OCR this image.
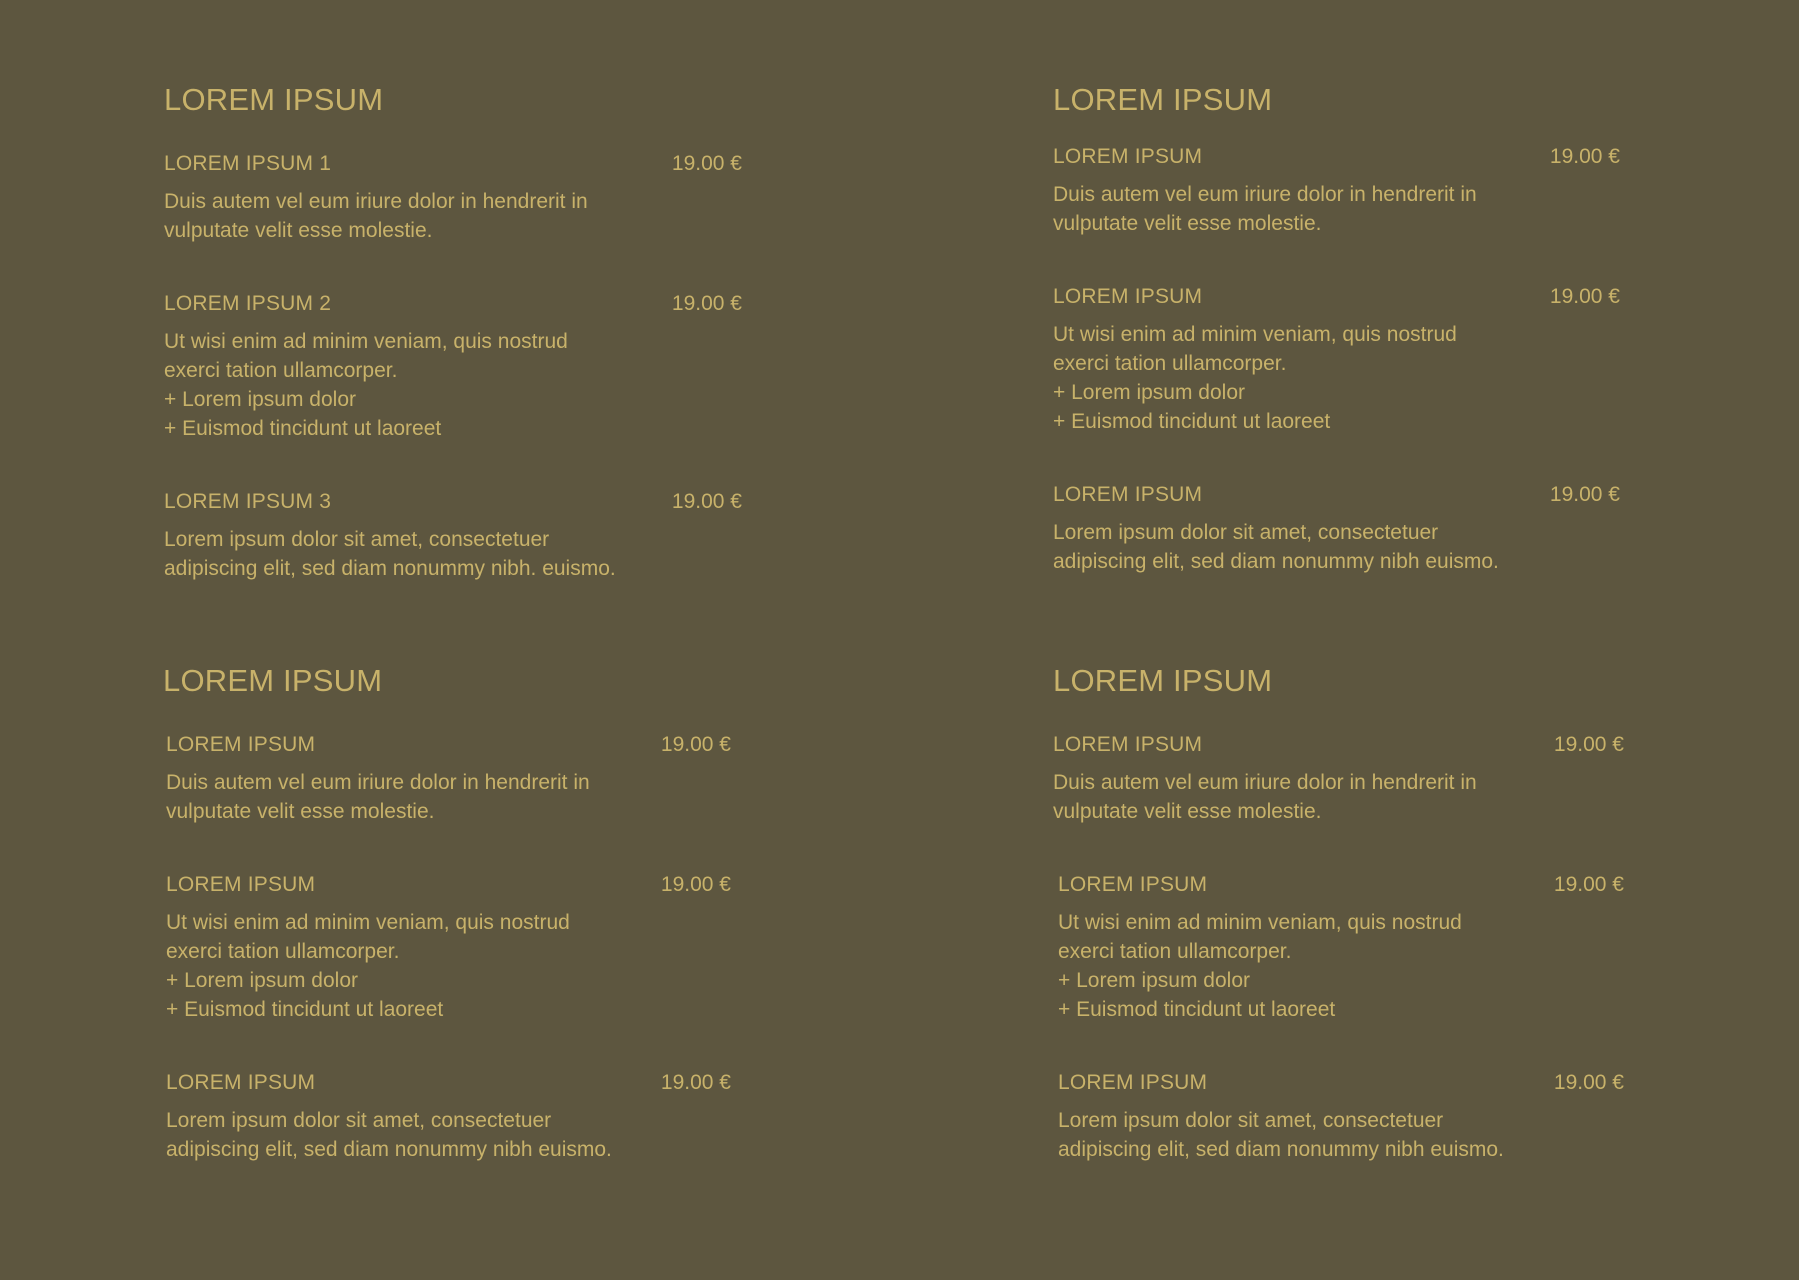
LOREM IPSUM
LOREM IPSUM 1	19.00 €
Duis autem vel eum iriure dolor in hendrerit in
vulputate velit esse molestie.
LOREM IPSUM 2	19.00 €
Ut wisi enim ad minim veniam, quis nostrud
exerci tation ullamcorper.
+ Lorem ipsum dolor
+ Euismod tincidunt ut laoreet
LOREM IPSUM 3	19.00 €
Lorem ipsum dolor sit amet, consectetuer
adipiscing elit, sed diam nonummy nibh. euismo.
LOREM IPSUM
LOREM IPSUM	19.00 €
Duis autem vel eum iriure dolor in hendrerit in
vulputate velit esse molestie.
LOREM IPSUM	19.00 €
Ut wisi enim ad minim veniam, quis nostrud
exerci tation ullamcorper.
+ Lorem ipsum dolor
+ Euismod tincidunt ut laoreet
LOREM IPSUM	19.00 €
Lorem ipsum dolor sit amet, consectetuer
adipiscing elit, sed diam nonummy nibh euismo.
LOREM IPSUM
LOREM IPSUM	19.00 €
Duis autem vel eum iriure dolor in hendrerit in
vulputate velit esse molestie.
LOREM IPSUM	19.00 €
Ut wisi enim ad minim veniam, quis nostrud
exerci tation ullamcorper.
+ Lorem ipsum dolor
+ Euismod tincidunt ut laoreet
LOREM IPSUM	19.00 €
Lorem ipsum dolor sit amet, consectetuer
adipiscing elit, sed diam nonummy nibh euismo.
LOREM IPSUM
LOREM IPSUM	19.00 €
Duis autem vel eum iriure dolor in hendrerit in
vulputate velit esse molestie.
LOREM IPSUM	19.00 €
Ut wisi enim ad minim veniam, quis nostrud
exerci tation ullamcorper.
+ Lorem ipsum dolor
+ Euismod tincidunt ut laoreet
LOREM IPSUM	19.00 €
Lorem ipsum dolor sit amet, consectetuer
adipiscing elit, sed diam nonummy nibh euismo.
